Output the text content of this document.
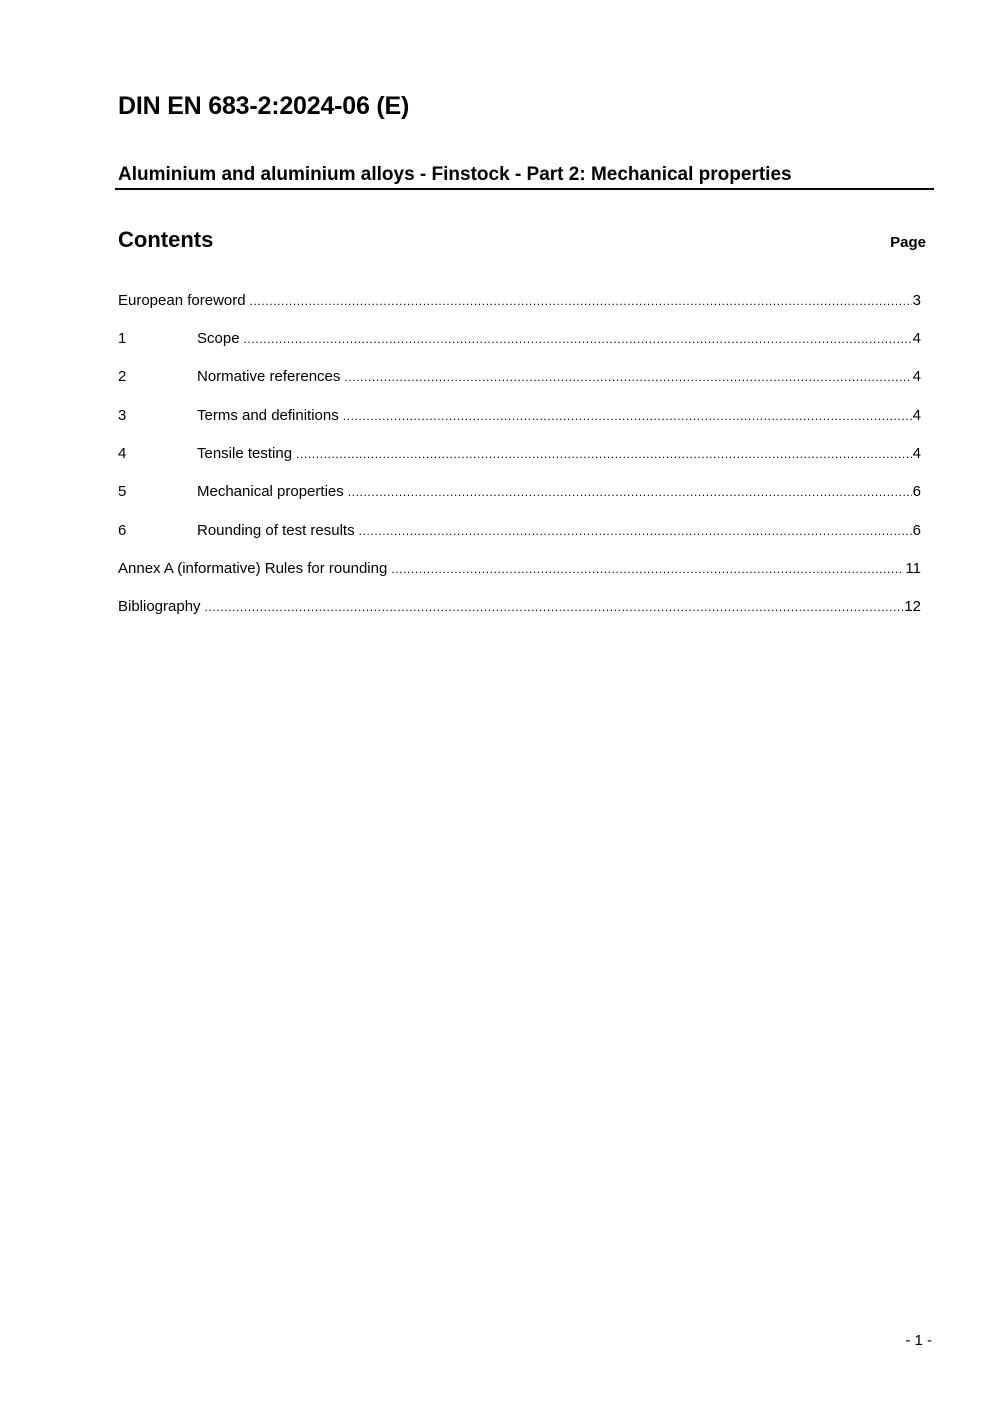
DIN EN 683-2:2024-06 (E)
Aluminium and aluminium alloys - Finstock - Part 2: Mechanical properties
Contents	Page
European foreword .....	3
1	Scope .....	4
2	Normative references .....	4
3	Terms and definitions .....	4
4	Tensile testing .....	4
5	Mechanical properties .....	6
6	Rounding of test results .....	6
Annex A (informative) Rules for rounding .....	11
Bibliography .....	12
- 1 -
